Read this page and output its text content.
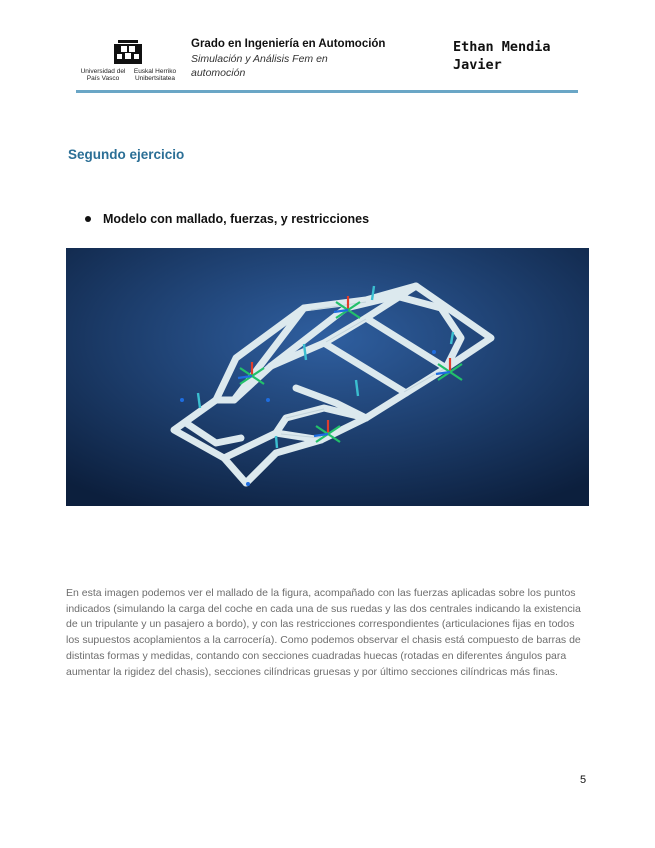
Universidad del País Vasco
Euskal Herriko Unibertsitatea
Grado en Ingeniería en Automoción
Simulación y Análisis Fem en automoción
Ethan Mendia Javier
Segundo ejercicio
Modelo con mallado, fuerzas, y restricciones
En esta imagen podemos ver el mallado de la figura, acompañado con las fuerzas aplicadas sobre los puntos indicados (simulando la carga del coche en cada una de sus ruedas y las dos centrales indicando la existencia de un tripulante y un pasajero a bordo), y con las restricciones correspondientes (articulaciones fijas en todos los supuestos acoplamientos a la carrocería). Como podemos observar el chasis está compuesto de barras de distintas formas y medidas, contando con secciones cuadradas huecas (rotadas en diferentes ángulos para aumentar la rigidez del chasis), secciones cilíndricas gruesas y por último secciones cilíndricas más finas.
5
